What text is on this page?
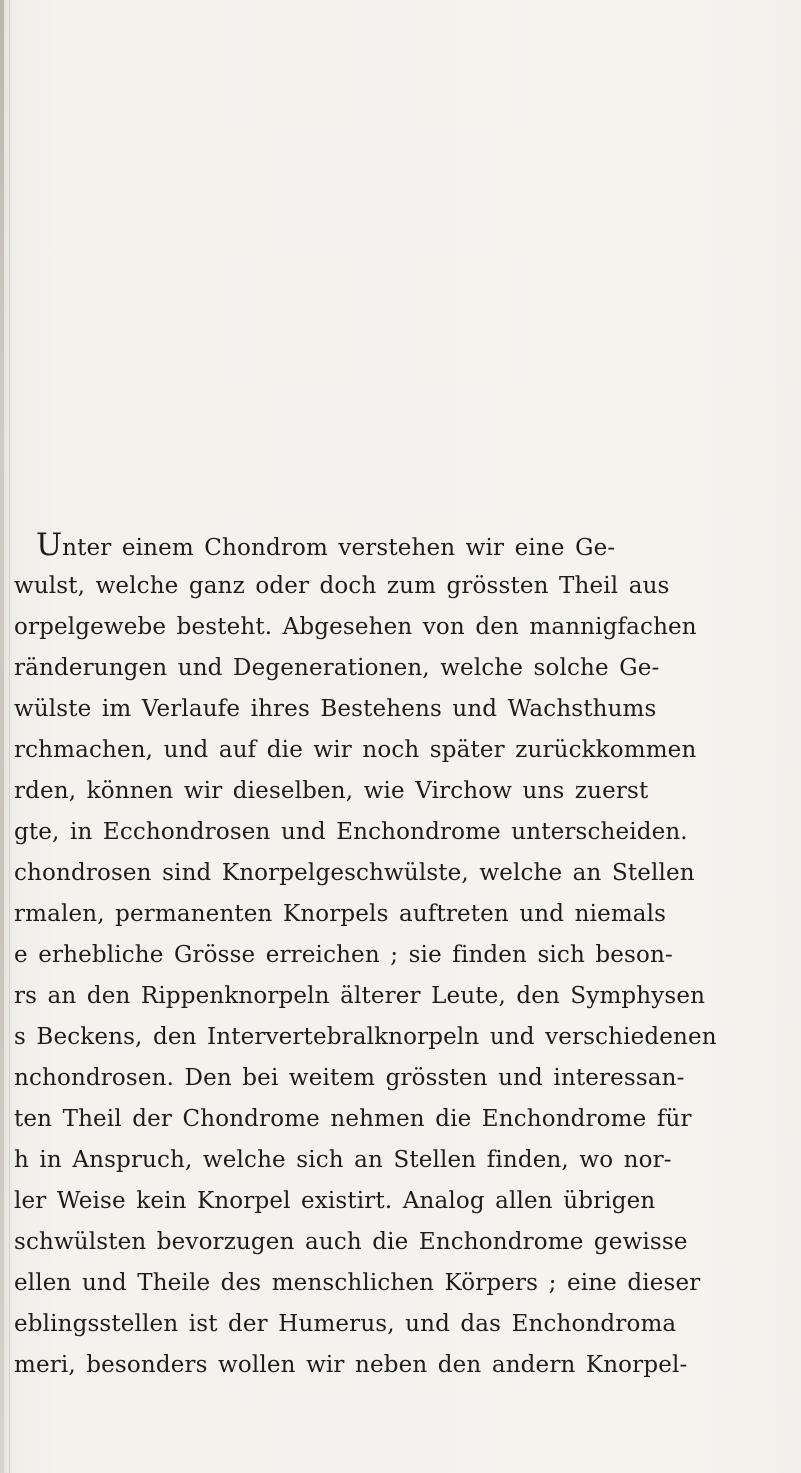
Unter einem Chondrom verstehen wir eine Ge-
wulst, welche ganz oder doch zum grössten Theil aus
orpelgewebe besteht. Abgesehen von den mannigfachen
ränderungen und Degenerationen, welche solche Ge-
wülste im Verlaufe ihres Bestehens und Wachsthums
rchmachen, und auf die wir noch später zurückkommen
rden, können wir dieselben, wie Virchow uns zuerst
gte, in Ecchondrosen und Enchondrome unterscheiden.
chondrosen sind Knorpelgeschwülste, welche an Stellen
rmalen, permanenten Knorpels auftreten und niemals
e erhebliche Grösse erreichen ; sie finden sich beson-
rs an den Rippenknorpeln älterer Leute, den Symphysen
s Beckens, den Intervertebralknorpeln und verschiedenen
nchondrosen. Den bei weitem grössten und interessan-
ten Theil der Chondrome nehmen die Enchondrome für
h in Anspruch, welche sich an Stellen finden, wo nor-
ler Weise kein Knorpel existirt. Analog allen übrigen
schwülsten bevorzugen auch die Enchondrome gewisse
ellen und Theile des menschlichen Körpers ; eine dieser
eblingsstellen ist der Humerus, und das Enchondroma
meri, besonders wollen wir neben den andern Knorpel-
